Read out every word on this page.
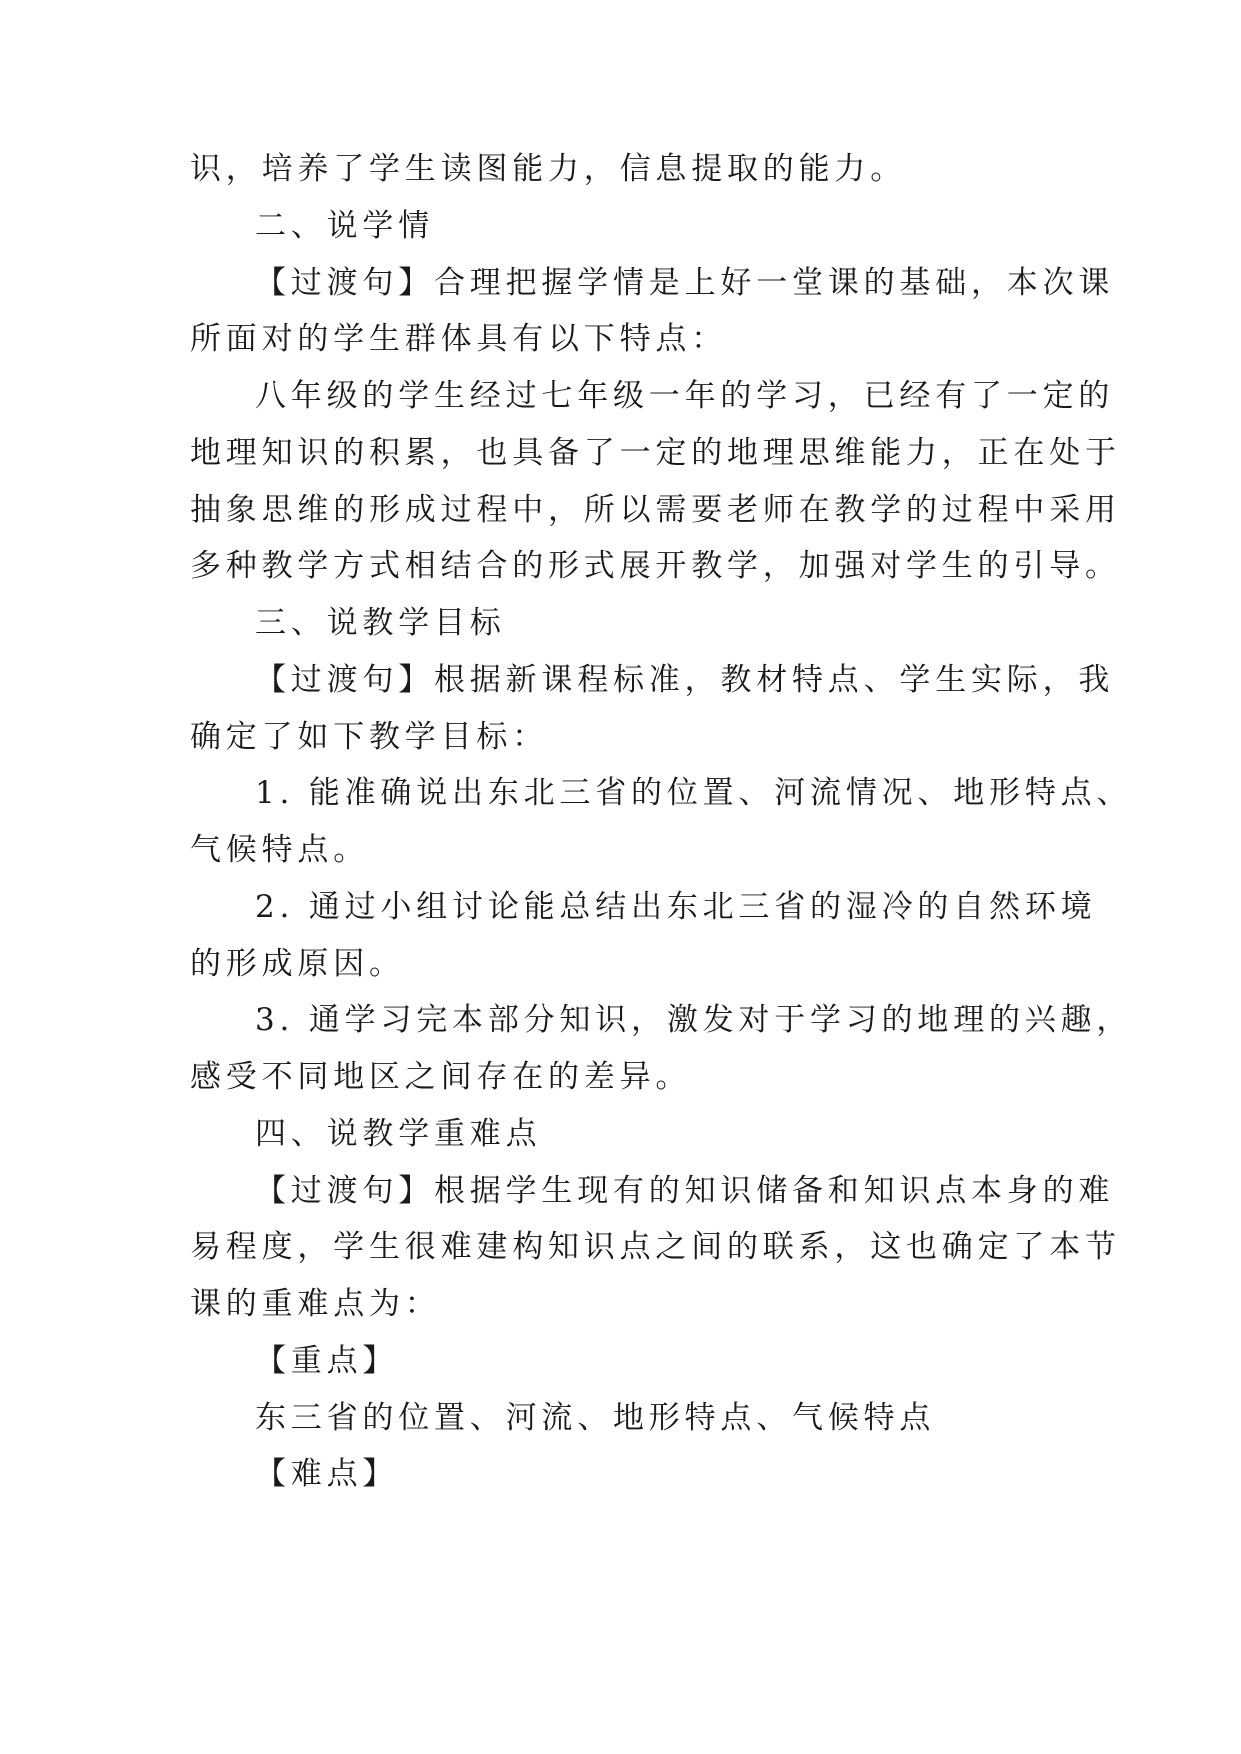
识，培养了学生读图能力，信息提取的能力。
二、说学情
【过渡句】合理把握学情是上好一堂课的基础，本次课
所面对的学生群体具有以下特点：
八年级的学生经过七年级一年的学习，已经有了一定的
地理知识的积累，也具备了一定的地理思维能力，正在处于
抽象思维的形成过程中，所以需要老师在教学的过程中采用
多种教学方式相结合的形式展开教学，加强对学生的引导。
三、说教学目标
【过渡句】根据新课程标准，教材特点、学生实际，我
确定了如下教学目标：
1. 能准确说出东北三省的位置、河流情况、地形特点、
气候特点。
2. 通过小组讨论能总结出东北三省的湿冷的自然环境
的形成原因。
3. 通学习完本部分知识，激发对于学习的地理的兴趣，
感受不同地区之间存在的差异。
四、说教学重难点
【过渡句】根据学生现有的知识储备和知识点本身的难
易程度，学生很难建构知识点之间的联系，这也确定了本节
课的重难点为：
【重点】
东三省的位置、河流、地形特点、气候特点
【难点】
